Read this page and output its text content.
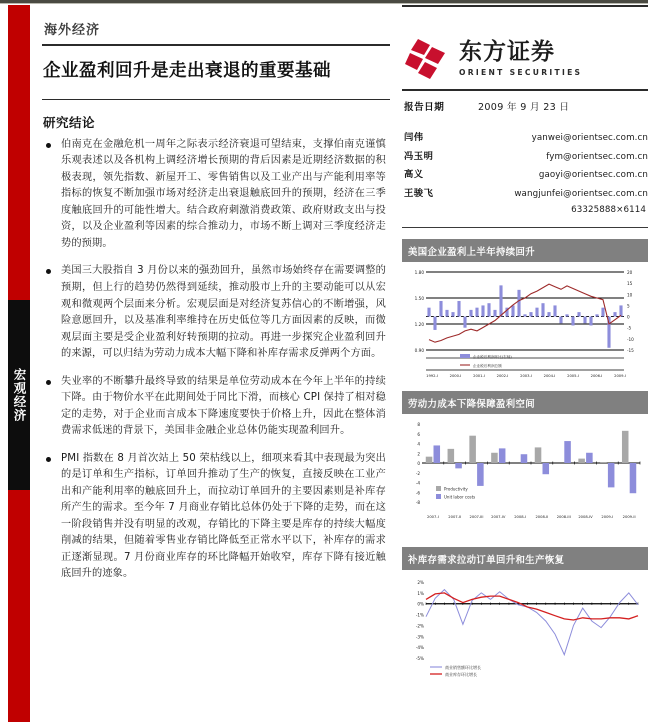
宏观经济
海外经济
企业盈利回升是走出衰退的重要基础
研究结论
伯南克在金融危机一周年之际表示经济衰退可望结束，支撑伯南克谨慎乐观表述以及各机构上调经济增长预期的背后因素是近期经济数据的积极表现，领先指数、新屋开工、零售销售以及工业产出与产能利用率等指标的恢复不断加强市场对经济走出衰退触底回升的预期，经济在三季度触底回升的可能性增大。结合政府刺激消费政策、政府财政支出与投资，以及企业盈利等因素的综合推动力，市场不断上调对三季度经济走势的预期。
美国三大股指自 3 月份以来的强劲回升，虽然市场始终存在需要调整的预期，但上行的趋势仍然得到延续，推动股市上升的主要动能可以从宏观和微观两个层面来分析。宏观层面是对经济复苏信心的不断增强，风险意愿回升，以及基准利率维持在历史低位等几方面因素的反映，而微观层面主要是受企业盈利好转预期的拉动。再进一步探究企业盈利回升的来源，可以归结为劳动力成本大幅下降和补库存需求反弹两个方面。
失业率的不断攀升最终导致的结果是单位劳动成本在今年上半年的持续下降。由于物价水平在此期间处于同比下滑，而核心 CPI 保持了相对稳定的走势，对于企业而言成本下降速度要快于价格上升，因此在整体消费需求低迷的背景下，美国非金融企业总体仍能实现盈利回升。
PMI 指数在 8 月首次站上 50 荣枯线以上，细项来看其中表现最为突出的是订单和生产指标，订单回升推动了生产的恢复，直接反映在工业产出和产能利用率的触底回升上，而拉动订单回升的主要因素则是补库存所产生的需求。至今年 7 月商业存销比总体仍处于下降的走势，而在这一阶段销售并没有明显的改观，存销比的下降主要是库存的持续大幅度削减的结果，但随着零售业存销比降低至正常水平以下，补库存的需求正逐渐显现。7 月份商业库存的环比降幅开始收窄，库存下降有接近触底回升的迹象。
东方证券
ORIENT SECURITIES
报告日期	2009 年 9 月 23 日
闫伟	yanwei@orientsec.com.cn
冯玉明	fym@orientsec.com.cn
高义	gaoyi@orientsec.com.cn
王骏飞	wangjunfei@orientsec.com.cn
63325888×6114
美国企业盈利上半年持续回升
0.90
1.20
1.50
1.80
-15
-10
-5
0
5
10
15
20
企业税后利润环比(右轴)
企业税后利润总额
1992-I	2000-I	2001-I	2002-I	2003-I	2004-I	2005-I	2006-I	2009-I
劳动力成本下降保障盈利空间
-8
-6
-4
-2
0
2
4
6
8
2007-I	2007-II 2007-III 2007-IV 2008-I	2008-II 2008-III 2008-IV 2009-I	2009-II
Productivity
Unit labor costs
补库存需求拉动订单回升和生产恢复
2%
1%
0%
-1%
-2%
-3%
-4%
-5%
商业销售额环比增长
商业库存环比增长
